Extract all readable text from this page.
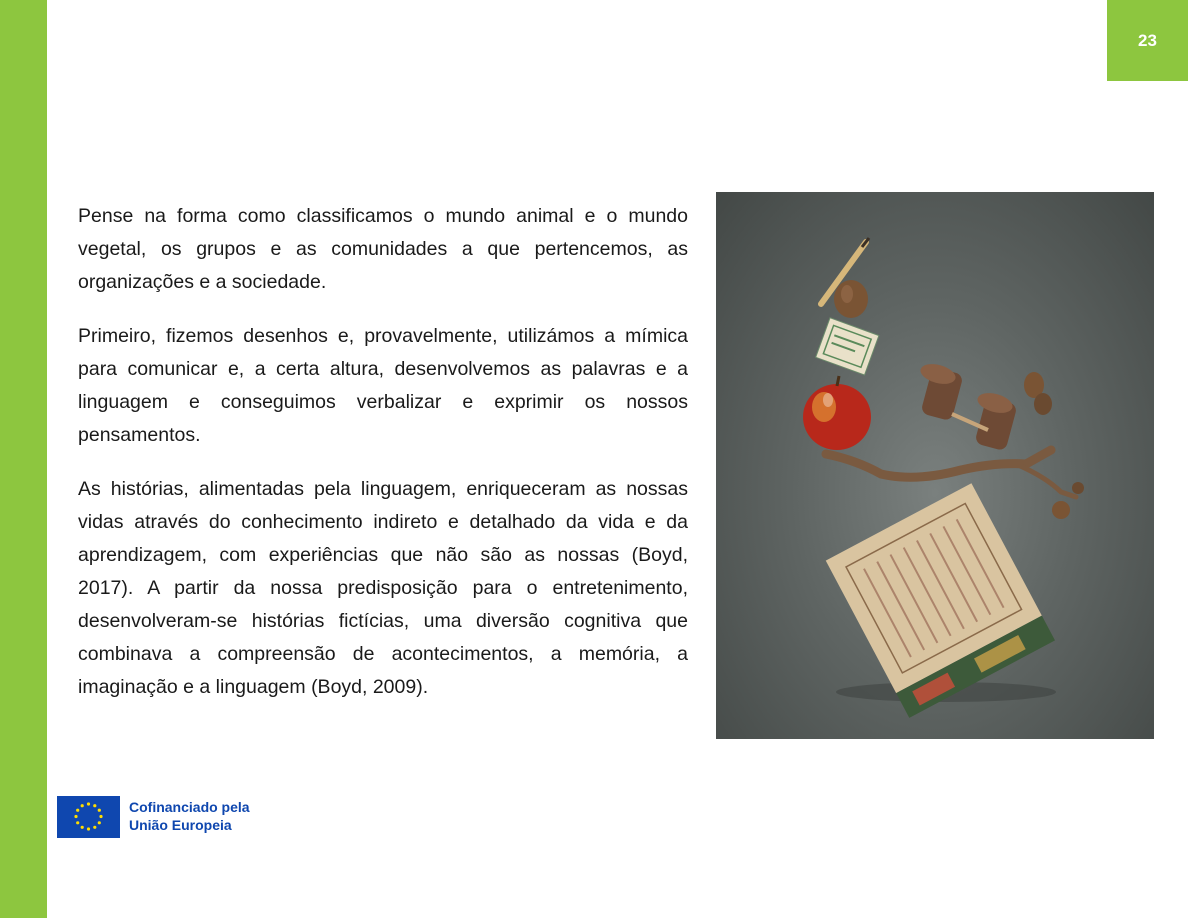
23

Pense na forma como classificamos o mundo animal e o mundo vegetal, os grupos e as comunidades a que pertencemos, as organizações e a sociedade.

Primeiro, fizemos desenhos e, provavelmente, utilizámos a mímica para comunicar e, a certa altura, desenvolvemos as palavras e a linguagem e conseguimos verbalizar e exprimir os nossos pensamentos.

As histórias, alimentadas pela linguagem, enriqueceram as nossas vidas através do conhecimento indireto e detalhado da vida e da aprendizagem, com experiências que não são as nossas (Boyd, 2017). A partir da nossa predisposição para o entretenimento, desenvolveram-se histórias fictícias, uma diversão cognitiva que combinava a compreensão de acontecimentos, a memória, a imaginação e a linguagem (Boyd, 2009).

Cofinanciado pela
União Europeia
